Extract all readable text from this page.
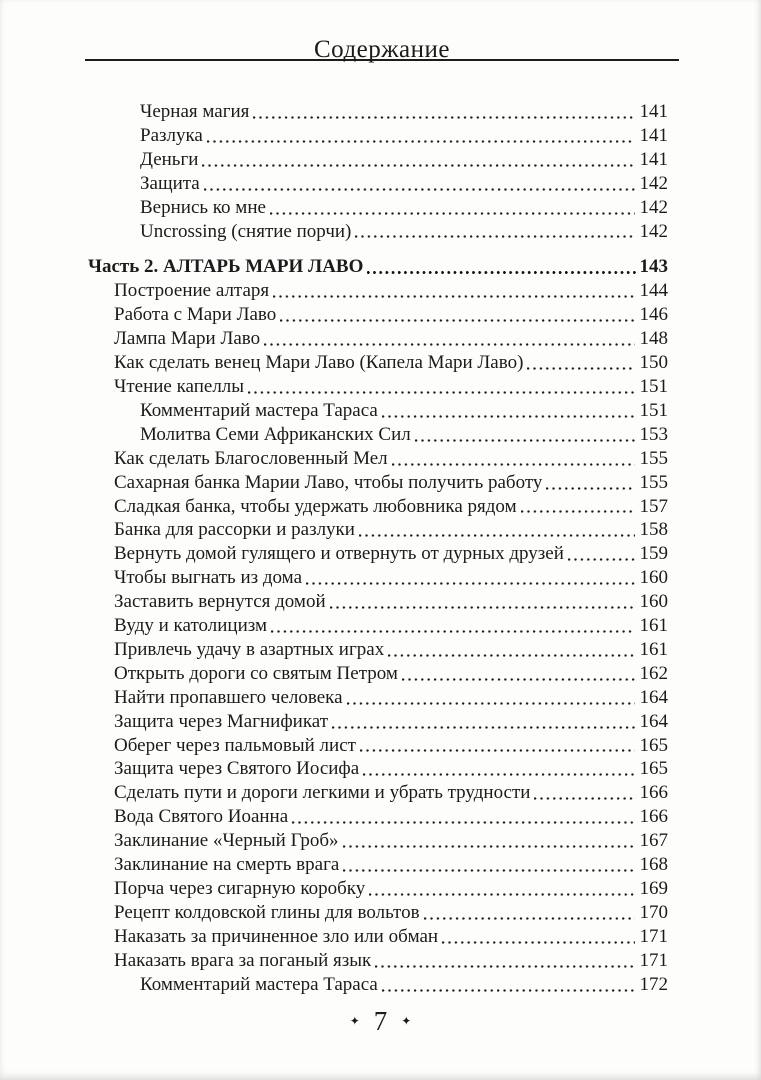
Содержание
Черная магия	141
Разлука	141
Деньги	141
Защита	142
Вернись ко мне	142
Uncrossing (снятие порчи)	142
Часть 2. АЛТАРЬ МАРИ ЛАВО	143
Построение алтаря	144
Работа с Мари Лаво	146
Лампа Мари Лаво	148
Как сделать венец Мари Лаво (Капела Мари Лаво)	150
Чтение капеллы	151
Комментарий мастера Тараса	151
Молитва Семи Африканских Сил	153
Как сделать Благословенный Мел	155
Сахарная банка Марии Лаво, чтобы получить работу	155
Сладкая банка, чтобы удержать любовника рядом	157
Банка для рассорки и разлуки	158
Вернуть домой гулящего и отвернуть от дурных друзей	159
Чтобы выгнать из дома	160
Заставить вернутся домой	160
Вуду и католицизм	161
Привлечь удачу в азартных играх	161
Открыть дороги со святым Петром	162
Найти пропавшего человека	164
Защита через Магнификат	164
Оберег через пальмовый лист	165
Защита через Святого Иосифа	165
Сделать пути и дороги легкими и убрать трудности	166
Вода Святого Иоанна	166
Заклинание «Черный Гроб»	167
Заклинание на смерть врага	168
Порча через сигарную коробку	169
Рецепт колдовской глины для вольтов	170
Наказать за причиненное зло или обман	171
Наказать врага за поганый язык	171
Комментарий мастера Тараса	172
✦ 7 ✦
